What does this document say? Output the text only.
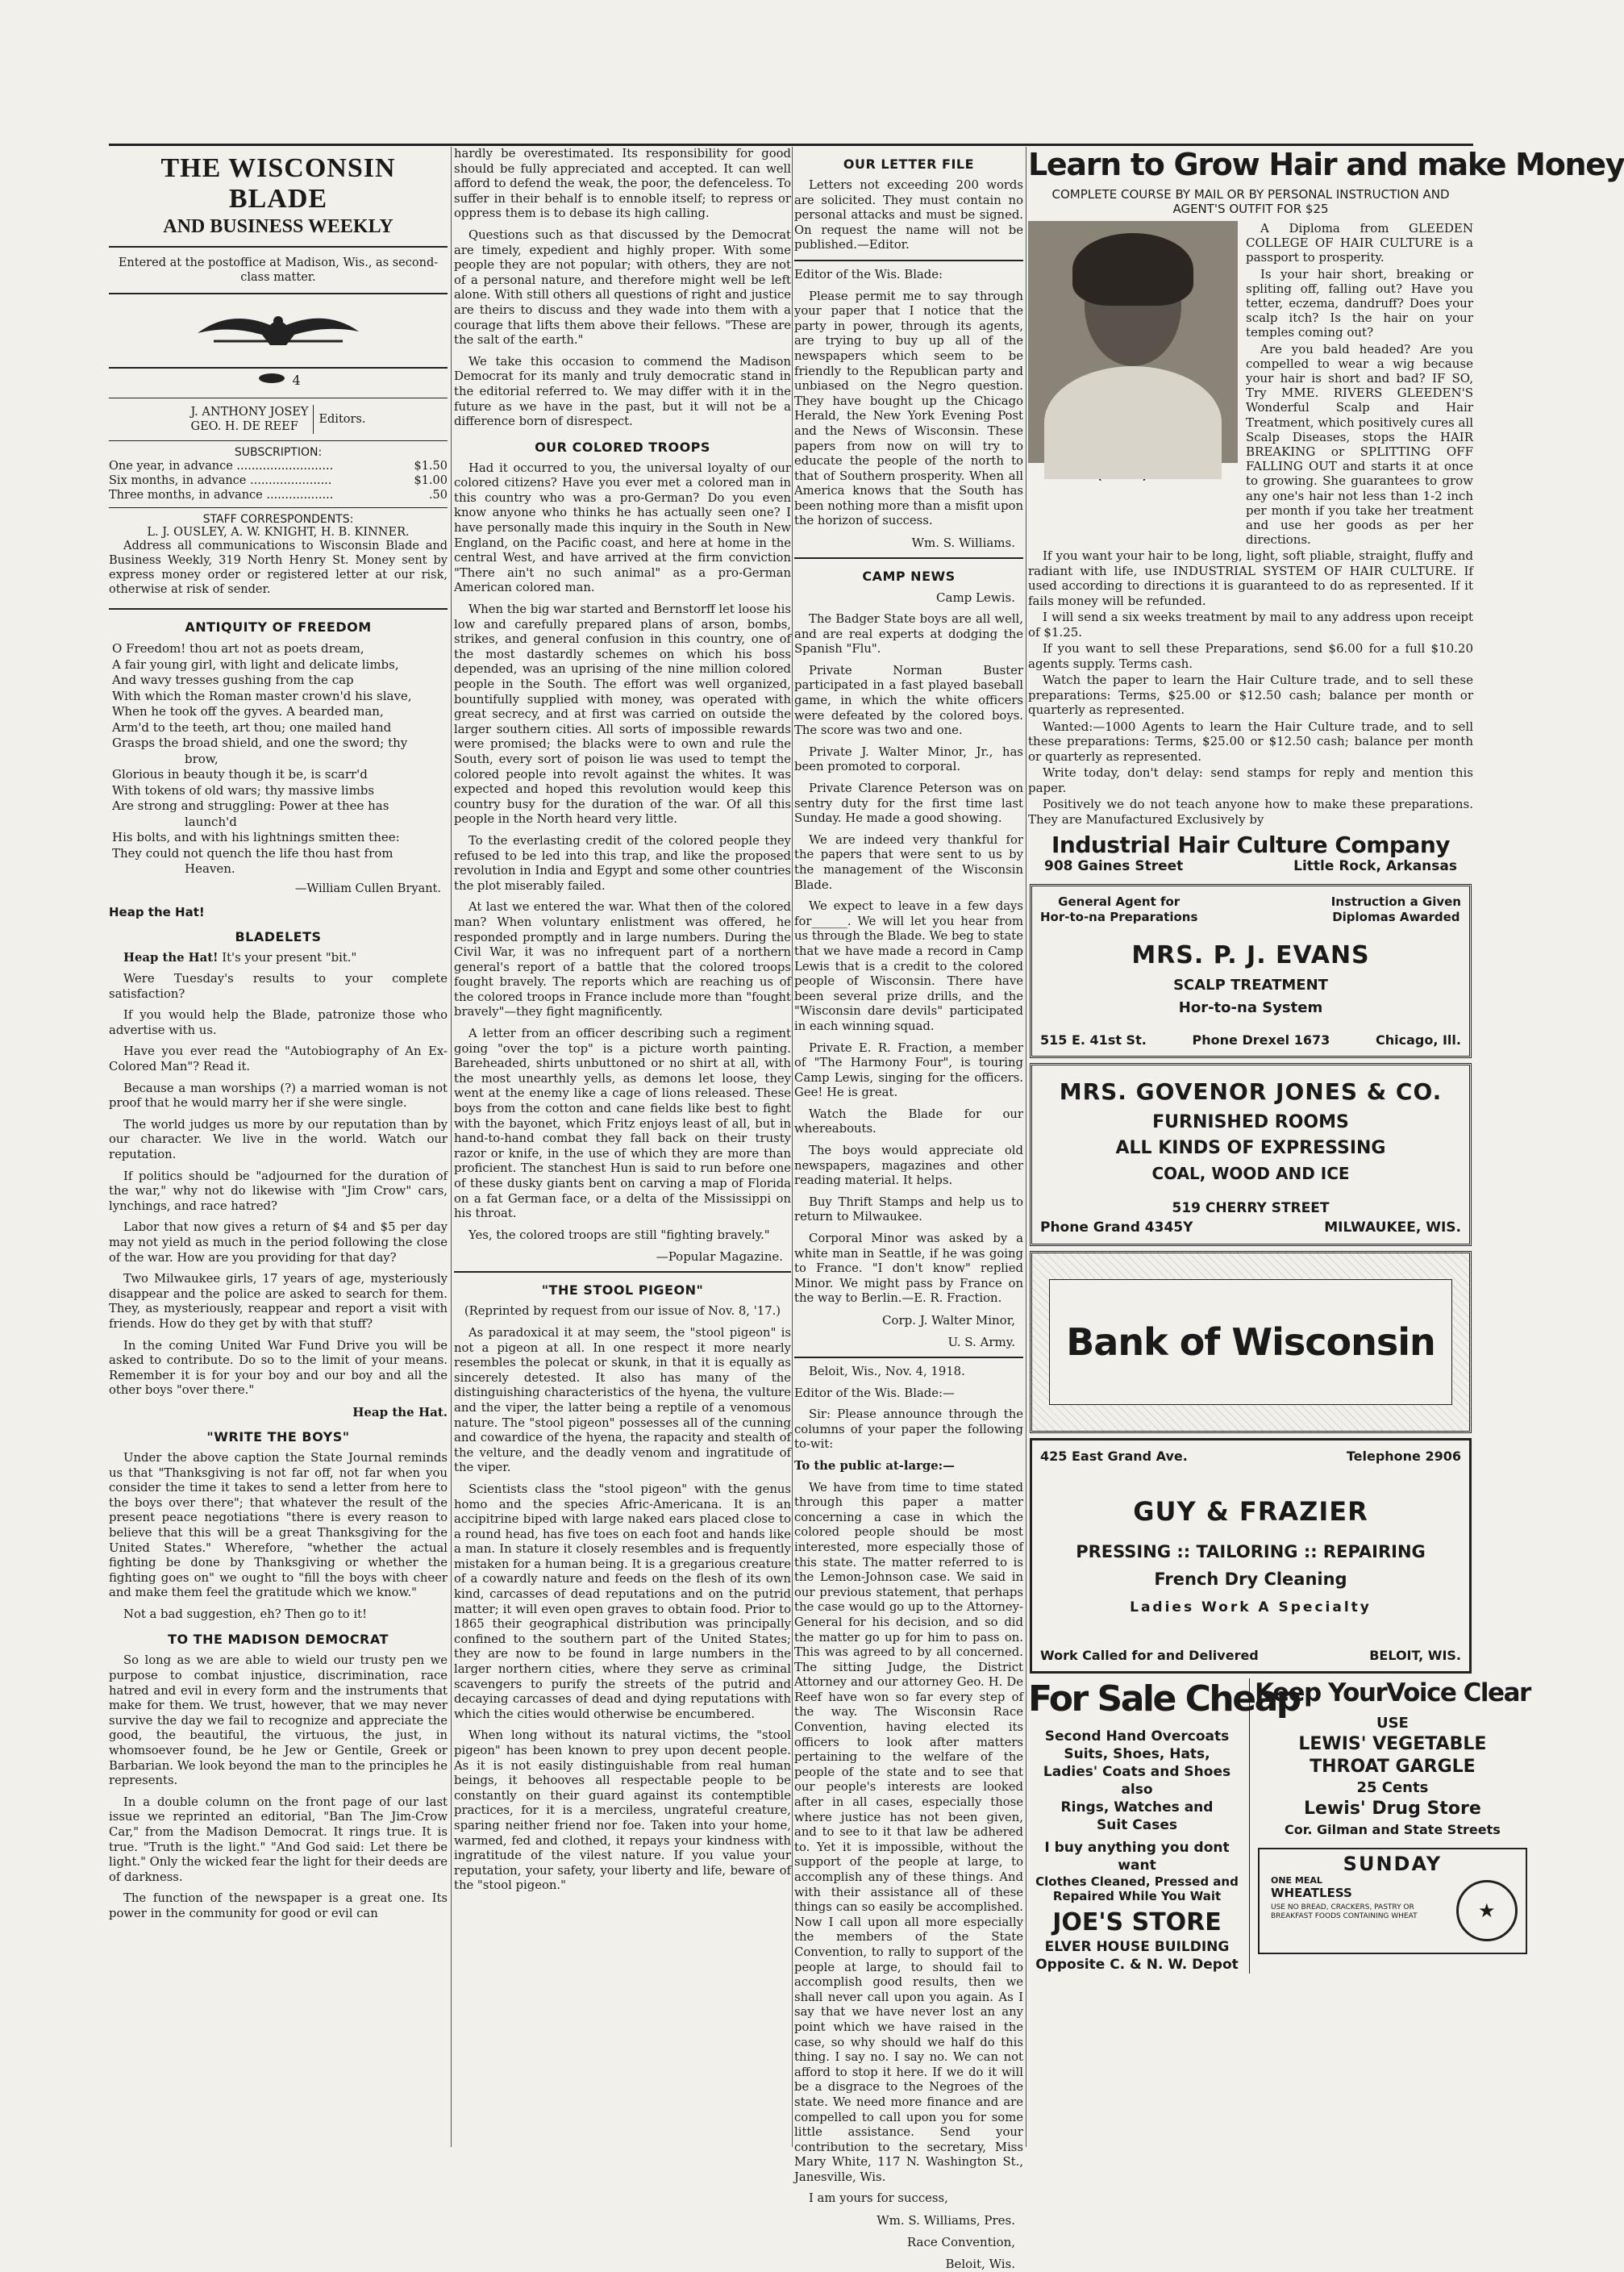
THE WISCONSIN BLADE
AND BUSINESS WEEKLY
Entered at the postoffice at Madison, Wis., as second-class matter.
4
J. ANTHONY JOSEY
GEO. H. DE REEF
Editors.
SUBSCRIPTION:
One year, in advance ..........................	$1.50
Six months, in advance ......................	$1.00
Three months, in advance ..................	.50
STAFF CORRESPONDENTS:
L. J. OUSLEY, A. W. KNIGHT, H. B. KINNER.

Address all communications to Wisconsin Blade and Business Weekly, 319 North Henry St. Money sent by express money order or registered letter at our risk, otherwise at risk of sender.

ANTIQUITY OF FREEDOM
O Freedom! thou art not as poets dream,
A fair young girl, with light and delicate limbs,
And wavy tresses gushing from the cap
With which the Roman master crown'd his slave,
When he took off the gyves. A bearded man,
Arm'd to the teeth, art thou; one mailed hand
Grasps the broad shield, and one the sword; thy
brow,
Glorious in beauty though it be, is scarr'd
With tokens of old wars; thy massive limbs
Are strong and struggling: Power at thee has
launch'd
His bolts, and with his lightnings smitten thee:
They could not quench the life thou hast from
Heaven.
—William Cullen Bryant.
Heap the Hat!
BLADELETS

Heap the Hat! It's your present "bit."

Were Tuesday's results to your complete satisfaction?

If you would help the Blade, patronize those who advertise with us.

Have you ever read the "Autobiography of An Ex-Colored Man"? Read it.

Because a man worships (?) a married woman is not proof that he would marry her if she were single.

The world judges us more by our reputation than by our character. We live in the world. Watch our reputation.

If politics should be "adjourned for the duration of the war," why not do likewise with "Jim Crow" cars, lynchings, and race hatred?

Labor that now gives a return of $4 and $5 per day may not yield as much in the period following the close of the war. How are you providing for that day?

Two Milwaukee girls, 17 years of age, mysteriously disappear and the police are asked to search for them. They, as mysteriously, reappear and report a visit with friends. How do they get by with that stuff?

In the coming United War Fund Drive you will be asked to contribute. Do so to the limit of your means. Remember it is for your boy and our boy and all the other boys "over there."

Heap the Hat.
"WRITE THE BOYS"

Under the above caption the State Journal reminds us that "Thanksgiving is not far off, not far when you consider the time it takes to send a letter from here to the boys over there"; that whatever the result of the present peace negotiations "there is every reason to believe that this will be a great Thanksgiving for the United States." Wherefore, "whether the actual fighting be done by Thanksgiving or whether the fighting goes on" we ought to "fill the boys with cheer and make them feel the gratitude which we know."

Not a bad suggestion, eh? Then go to it!

TO THE MADISON DEMOCRAT

So long as we are able to wield our trusty pen we purpose to combat injustice, discrimination, race hatred and evil in every form and the instruments that make for them. We trust, however, that we may never survive the day we fail to recognize and appreciate the good, the beautiful, the virtuous, the just, in whomsoever found, be he Jew or Gentile, Greek or Barbarian. We look beyond the man to the principles he represents.

In a double column on the front page of our last issue we reprinted an editorial, "Ban The Jim-Crow Car," from the Madison Democrat. It rings true. It is true. "Truth is the light." "And God said: Let there be light." Only the wicked fear the light for their deeds are of darkness.

The function of the newspaper is a great one. Its power in the community for good or evil can

hardly be overestimated. Its responsibility for good should be fully appreciated and accepted. It can well afford to defend the weak, the poor, the defenceless. To suffer in their behalf is to ennoble itself; to repress or oppress them is to debase its high calling.

Questions such as that discussed by the Democrat are timely, expedient and highly proper. With some people they are not popular; with others, they are not of a personal nature, and therefore might well be left alone. With still others all questions of right and justice are theirs to discuss and they wade into them with a courage that lifts them above their fellows. "These are the salt of the earth."

We take this occasion to commend the Madison Democrat for its manly and truly democratic stand in the editorial referred to. We may differ with it in the future as we have in the past, but it will not be a difference born of disrespect.

OUR COLORED TROOPS

Had it occurred to you, the universal loyalty of our colored citizens? Have you ever met a colored man in this country who was a pro-German? Do you even know anyone who thinks he has actually seen one? I have personally made this inquiry in the South in New England, on the Pacific coast, and here at home in the central West, and have arrived at the firm conviction "There ain't no such animal" as a pro-German American colored man.

When the big war started and Bernstorff let loose his low and carefully prepared plans of arson, bombs, strikes, and general confusion in this country, one of the most dastardly schemes on which his boss depended, was an uprising of the nine million colored people in the South. The effort was well organized, bountifully supplied with money, was operated with great secrecy, and at first was carried on outside the larger southern cities. All sorts of impossible rewards were promised; the blacks were to own and rule the South, every sort of poison lie was used to tempt the colored people into revolt against the whites. It was expected and hoped this revolution would keep this country busy for the duration of the war. Of all this people in the North heard very little.

To the everlasting credit of the colored people they refused to be led into this trap, and like the proposed revolution in India and Egypt and some other countries the plot miserably failed.

At last we entered the war. What then of the colored man? When voluntary enlistment was offered, he responded promptly and in large numbers. During the Civil War, it was no infrequent part of a northern general's report of a battle that the colored troops fought bravely. The reports which are reaching us of the colored troops in France include more than "fought bravely"—they fight magnificently.

A letter from an officer describing such a regiment going "over the top" is a picture worth painting. Bareheaded, shirts unbuttoned or no shirt at all, with the most unearthly yells, as demons let loose, they went at the enemy like a cage of lions released. These boys from the cotton and cane fields like best to fight with the bayonet, which Fritz enjoys least of all, but in hand-to-hand combat they fall back on their trusty razor or knife, in the use of which they are more than proficient. The stanchest Hun is said to run before one of these dusky giants bent on carving a map of Florida on a fat German face, or a delta of the Mississippi on his throat.

Yes, the colored troops are still "fighting bravely."

—Popular Magazine.
"THE STOOL PIGEON"

(Reprinted by request from our issue of Nov. 8, '17.)

As paradoxical it at may seem, the "stool pigeon" is not a pigeon at all. In one respect it more nearly resembles the polecat or skunk, in that it is equally as sincerely detested. It also has many of the distinguishing characteristics of the hyena, the vulture and the viper, the latter being a reptile of a venomous nature. The "stool pigeon" possesses all of the cunning and cowardice of the hyena, the rapacity and stealth of the velture, and the deadly venom and ingratitude of the viper.

Scientists class the "stool pigeon" with the genus homo and the species Afric-Americana. It is an accipitrine biped with large naked ears placed close to a round head, has five toes on each foot and hands like a man. In stature it closely resembles and is frequently mistaken for a human being. It is a gregarious creature of a cowardly nature and feeds on the flesh of its own kind, carcasses of dead reputations and on the putrid matter; it will even open graves to obtain food. Prior to 1865 their geographical distribution was principally confined to the southern part of the United States; they are now to be found in large numbers in the larger northern cities, where they serve as criminal scavengers to purify the streets of the putrid and decaying carcasses of dead and dying reputations with which the cities would otherwise be encumbered.

When long without its natural victims, the "stool pigeon" has been known to prey upon decent people. As it is not easily distinguishable from real human beings, it behooves all respectable people to be constantly on their guard against its contemptible practices, for it is a merciless, ungrateful creature, sparing neither friend nor foe. Taken into your home, warmed, fed and clothed, it repays your kindness with ingratitude of the vilest nature. If you value your reputation, your safety, your liberty and life, beware of the "stool pigeon."

OUR LETTER FILE

Letters not exceeding 200 words are solicited. They must contain no personal attacks and must be signed. On request the name will not be published.—Editor.

Editor of the Wis. Blade:

Please permit me to say through your paper that I notice that the party in power, through its agents, are trying to buy up all of the newspapers which seem to be friendly to the Republican party and unbiased on the Negro question. They have bought up the Chicago Herald, the New York Evening Post and the News of Wisconsin. These papers from now on will try to educate the people of the north to that of Southern prosperity. When all America knows that the South has been nothing more than a misfit upon the horizon of success.

Wm. S. Williams.
CAMP NEWS
Camp Lewis.

The Badger State boys are all well, and are real experts at dodging the Spanish "Flu".

Private Norman Buster participated in a fast played baseball game, in which the white officers were defeated by the colored boys. The score was two and one.

Private J. Walter Minor, Jr., has been promoted to corporal.

Private Clarence Peterson was on sentry duty for the first time last Sunday. He made a good showing.

We are indeed very thankful for the papers that were sent to us by the management of the Wisconsin Blade.

We expect to leave in a few days for______. We will let you hear from us through the Blade. We beg to state that we have made a record in Camp Lewis that is a credit to the colored people of Wisconsin. There have been several prize drills, and the "Wisconsin dare devils" participated in each winning squad.

Private E. R. Fraction, a member of "The Harmony Four", is touring Camp Lewis, singing for the officers. Gee! He is great.

Watch the Blade for our whereabouts.

The boys would appreciate old newspapers, magazines and other reading material. It helps.

Buy Thrift Stamps and help us to return to Milwaukee.

Corporal Minor was asked by a white man in Seattle, if he was going to France. "I don't know" replied Minor. We might pass by France on the way to Berlin.—E. R. Fraction.

Corp. J. Walter Minor,
U. S. Army.

Beloit, Wis., Nov. 4, 1918.

Editor of the Wis. Blade:—

Sir: Please announce through the columns of your paper the following to-wit:

To the public at-large:—

We have from time to time stated through this paper a matter concerning a case in which the colored people should be most interested, more especially those of this state. The matter referred to is the Lemon-Johnson case. We said in our previous statement, that perhaps the case would go up to the Attorney-General for his decision, and so did the matter go up for him to pass on. This was agreed to by all concerned. The sitting Judge, the District Attorney and our attorney Geo. H. De Reef have won so far every step of the way. The Wisconsin Race Convention, having elected its officers to look after matters pertaining to the welfare of the people of the state and to see that our people's interests are looked after in all cases, especially those where justice has not been given, and to see to it that law be adhered to. Yet it is impossible, without the support of the people at large, to accomplish any of these things. And with their assistance all of these things can so easily be accomplished. Now I call upon all more especially the members of the State Convention, to rally to support of the people at large, to should fail to accomplish good results, then we shall never call upon you again. As I say that we have never lost an any point which we have raised in the case, so why should we half do this thing. I say no. I say no. We can not afford to stop it here. If we do it will be a disgrace to the Negroes of the state. We need more finance and are compelled to call upon you for some little assistance. Send your contribution to the secretary, Miss Mary White, 117 N. Washington St., Janesville, Wis.

I am yours for success,

Wm. S. Williams, Pres.
Race Convention,
Beloit, Wis.
Learn to Grow Hair and make Money
COMPLETE COURSE BY MAIL OR BY PERSONAL INSTRUCTION AND AGENT'S OUTFIT FOR $25

A Diploma from GLEEDEN COLLEGE OF HAIR CULTURE is a passport to prosperity.

Is your hair short, breaking or spliting off, falling out? Have you tetter, eczema, dandruff? Does your scalp itch? Is the hair on your temples coming out?

Are you bald headed? Are you compelled to wear a wig because your hair is short and bad? IF SO, Try MME. RIVERS GLEEDEN'S Wonderful Scalp and Hair Treatment, which positively cures all Scalp Diseases, stops the HAIR BREAKING or SPLITTING OFF FALLING OUT and starts it at once to growing. She guarantees to grow any one's hair not less than 1-2 inch per month if you take her treatment and use her goods as per her directions.

If you want your hair to be long, light, soft pliable, straight, fluffy and radiant with life, use INDUSTRIAL SYSTEM OF HAIR CULTURE. If used according to directions it is guaranteed to do as represented. If it fails money will be refunded.

I will send a six weeks treatment by mail to any address upon receipt of $1.25.

If you want to sell these Preparations, send $6.00 for a full $10.20 agents supply. Terms cash.

Watch the paper to learn the Hair Culture trade, and to sell these preparations: Terms, $25.00 or $12.50 cash; balance per month or quarterly as represented.

Wanted:—1000 Agents to learn the Hair Culture trade, and to sell these preparations: Terms, $25.00 or $12.50 cash; balance per month or quarterly as represented.

Write today, don't delay: send stamps for reply and mention this paper.

Positively we do not teach anyone how to make these preparations. They are Manufactured Exclusively by

Industrial Hair Culture Company
908 Gaines Street	Little Rock, Arkansas
General Agent for
Hor-to-na Preparations
Instruction a Given
Diplomas Awarded
MRS. P. J. EVANS
SCALP TREATMENT
Hor-to-na System
515 E. 41st St.	Phone Drexel 1673	Chicago, Ill.
MRS. GOVENOR JONES & CO.
FURNISHED ROOMS
ALL KINDS OF EXPRESSING
COAL, WOOD AND ICE
519 CHERRY STREET
Phone Grand 4345Y	MILWAUKEE, WIS.
Bank of Wisconsin
425 East Grand Ave.	Telephone 2906
GUY & FRAZIER
PRESSING :: TAILORING :: REPAIRING
French Dry Cleaning
Ladies Work A Specialty
Work Called for and Delivered	BELOIT, WIS.
For Sale Cheap
Second Hand Overcoats
Suits, Shoes, Hats,
Ladies' Coats and Shoes
also
Rings, Watches and
Suit Cases
I buy anything you dont want
Clothes Cleaned, Pressed and Repaired While You Wait
JOE'S STORE
ELVER HOUSE BUILDING
Opposite C. & N. W. Depot
Keep YourVoice Clear
USE
LEWIS' VEGETABLE
THROAT GARGLE
25 Cents
Lewis' Drug Store
Cor. Gilman and State Streets
SUNDAY
ONE MEAL
WHEATLESS
USE NO BREAD, CRACKERS, PASTRY OR BREAKFAST FOODS CONTAINING WHEAT	★
